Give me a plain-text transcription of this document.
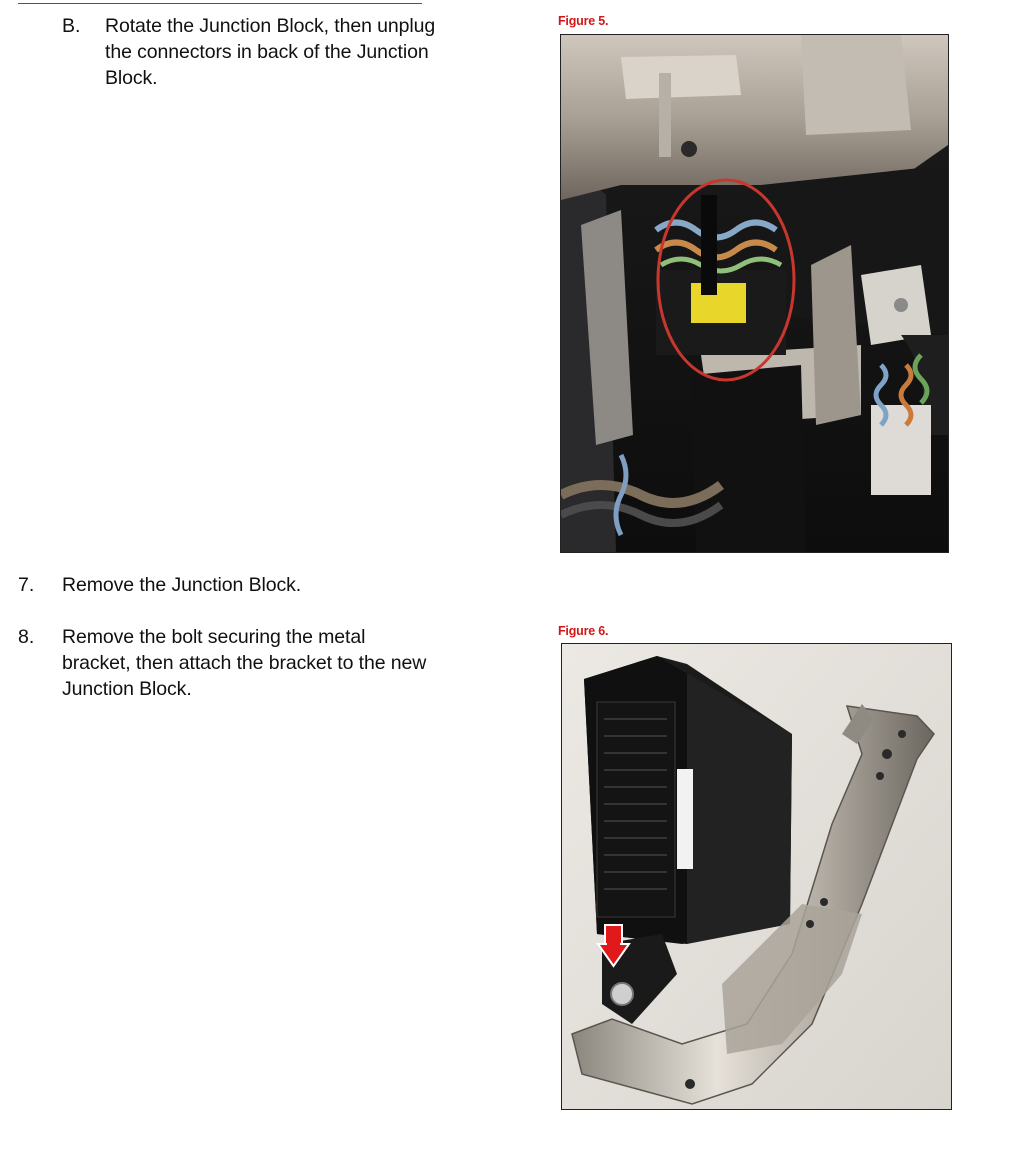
B. Rotate the Junction Block, then unplug
the connectors in back of the Junction
Block.
Figure 5.
7. Remove the Junction Block.
8. Remove the bolt securing the metal
bracket, then attach the bracket to the new
Junction Block.
Figure 6.
